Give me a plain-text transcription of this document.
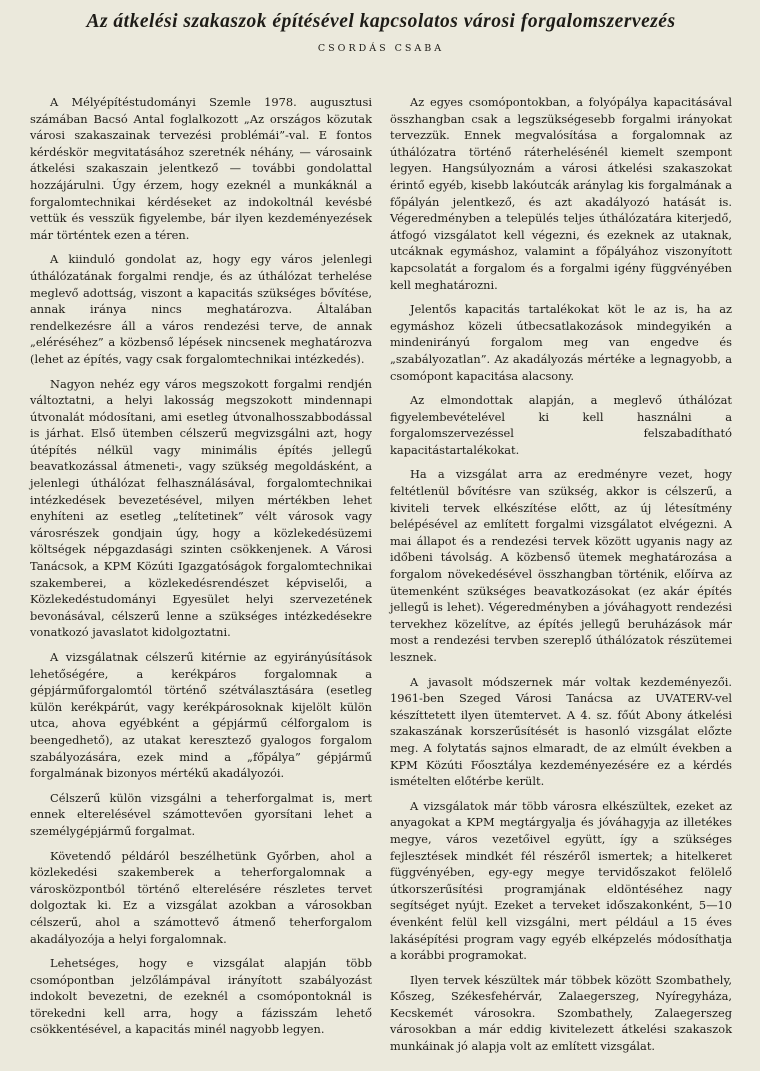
Az átkelési szakaszok építésével kapcsolatos városi forgalomszervezés
CSORDÁS CSABA

A Mélyépítéstudományi Szemle 1978. augusztusi számában Bacsó Antal foglalkozott „Az országos közutak városi szakaszainak tervezési problémái”-val. E fontos kérdéskör megvitatásához szeretnék néhány, — városaink átkelési szakaszain jelentkező — további gondolattal hozzájárulni. Úgy érzem, hogy ezeknél a munkáknál a forgalomtechnikai kérdéseket az indokoltnál kevésbé vettük és vesszük figyelembe, bár ilyen kezdeményezések már történtek ezen a téren.

A kiinduló gondolat az, hogy egy város jelenlegi úthálózatának forgalmi rendje, és az úthálózat terhelése meglevő adottság, viszont a kapacitás szükséges bővítése, annak iránya nincs meghatározva. Általában rendelkezésre áll a város rendezési terve, de annak „eléréséhez” a közbenső lépések nincsenek meghatározva (lehet az építés, vagy csak forgalomtechnikai intézkedés).

Nagyon nehéz egy város megszokott forgalmi rendjén változtatni, a helyi lakosság megszokott mindennapi útvonalát módosítani, ami esetleg útvonalhosszabbodással is járhat. Első ütemben célszerű megvizsgálni azt, hogy útépítés nélkül vagy minimális építés jellegű beavatkozással átmeneti-, vagy szükség megoldásként, a jelenlegi úthálózat felhasználásával, forgalomtechnikai intézkedések bevezetésével, milyen mértékben lehet enyhíteni az esetleg „telítetinek” vélt városok vagy városrészek gondjain úgy, hogy a közlekedésüzemi költségek népgazdasági szinten csökkenjenek. A Városi Tanácsok, a KPM Közúti Igazgatóságok forgalomtechnikai szakemberei, a közlekedésrendészet képviselői, a Közlekedéstudományi Egyesület helyi szervezetének bevonásával, célszerű lenne a szükséges intézkedésekre vonatkozó javaslatot kidolgoztatni.

A vizsgálatnak célszerű kitérnie az egyirányúsítások lehetőségére, a kerékpáros forgalomnak a gépjárműforgalomtól történő szétválasztására (esetleg külön kerékpárút, vagy kerékpárosoknak kijelölt külön utca, ahova egyébként a gépjármű célforgalom is beengedhető), az utakat keresztező gyalogos forgalom szabályozására, ezek mind a „főpálya” gépjármű forgalmának bizonyos mértékű akadályozói.

Célszerű külön vizsgálni a teherforgalmat is, mert ennek elterelésével számottevően gyorsítani lehet a személygépjármű forgalmat.

Követendő példáról beszélhetünk Győrben, ahol a közlekedési szakemberek a teherforgalomnak a városközpontból történő elterelésére részletes tervet dolgoztak ki. Ez a vizsgálat azokban a városokban célszerű, ahol a számottevő átmenő teherforgalom akadályozója a helyi forgalomnak.

Lehetséges, hogy e vizsgálat alapján több csomópontban jelzőlámpával irányított szabályozást indokolt bevezetni, de ezeknél a csomópontoknál is törekedni kell arra, hogy a fázisszám lehető csökkentésével, a kapacitás minél nagyobb legyen.

Az egyes csomópontokban, a folyópálya kapacitásával összhangban csak a legszükségesebb forgalmi irányokat tervezzük. Ennek megvalósítása a forgalomnak az úthálózatra történő ráterhelésénél kiemelt szempont legyen. Hangsúlyoznám a városi átkelési szakaszokat érintő egyéb, kisebb lakóutcák aránylag kis forgalmának a főpályán jelentkező, és azt akadályozó hatását is. Végeredményben a település teljes úthálózatára kiterjedő, átfogó vizsgálatot kell végezni, és ezeknek az utaknak, utcáknak egymáshoz, valamint a főpályához viszonyított kapcsolatát a forgalom és a forgalmi igény függvényében kell meghatározni.

Jelentős kapacitás tartalékokat köt le az is, ha az egymáshoz közeli útbecsatlakozások mindegyikén a mindenirányú forgalom meg van engedve és „szabályozatlan”. Az akadályozás mértéke a legnagyobb, a csomópont kapacitása alacsony.

Az elmondottak alapján, a meglevő úthálózat figyelembevételével ki kell használni a forgalomszervezéssel felszabadítható kapacitástartalékokat.

Ha a vizsgálat arra az eredményre vezet, hogy feltétlenül bővítésre van szükség, akkor is célszerű, a kiviteli tervek elkészítése előtt, az új létesítmény belépésével az említett forgalmi vizsgálatot elvégezni. A mai állapot és a rendezési tervek között ugyanis nagy az időbeni távolság. A közbenső ütemek meghatározása a forgalom növekedésével összhangban történik, előírva az ütemenként szükséges beavatkozásokat (ez akár építés jellegű is lehet). Végeredményben a jóváhagyott rendezési tervekhez közelítve, az építés jellegű beruházások már most a rendezési tervben szereplő úthálózatok részütemei lesznek.

A javasolt módszernek már voltak kezdeményezői. 1961-ben Szeged Városi Tanácsa az UVATERV-vel készíttetett ilyen ütemtervet. A 4. sz. főút Abony átkelési szakaszának korszerűsítését is hasonló vizsgálat előzte meg. A folytatás sajnos elmaradt, de az elmúlt években a KPM Közúti Főosztálya kezdeményezésére ez a kérdés ismételten előtérbe került.

A vizsgálatok már több városra elkészültek, ezeket az anyagokat a KPM megtárgyalja és jóváhagyja az illetékes megye, város vezetőivel együtt, így a szükséges fejlesztések mindkét fél részéről ismertek; a hitelkeret függvényében, egy-egy megye tervidőszakot felölelő útkorszerűsítési programjának eldöntéséhez nagy segítséget nyújt. Ezeket a terveket időszakonként, 5—10 évenként felül kell vizsgálni, mert például a 15 éves lakásépítési program vagy egyéb elképzelés módosíthatja a korábbi programokat.

Ilyen tervek készültek már többek között Szombathely, Kőszeg, Székesfehérvár, Zalaegerszeg, Nyíregyháza, Kecskemét városokra. Szombathely, Zalaegerszeg városokban a már eddig kivitelezett átkelési szakaszok munkáinak jó alapja volt az említett vizsgálat.
